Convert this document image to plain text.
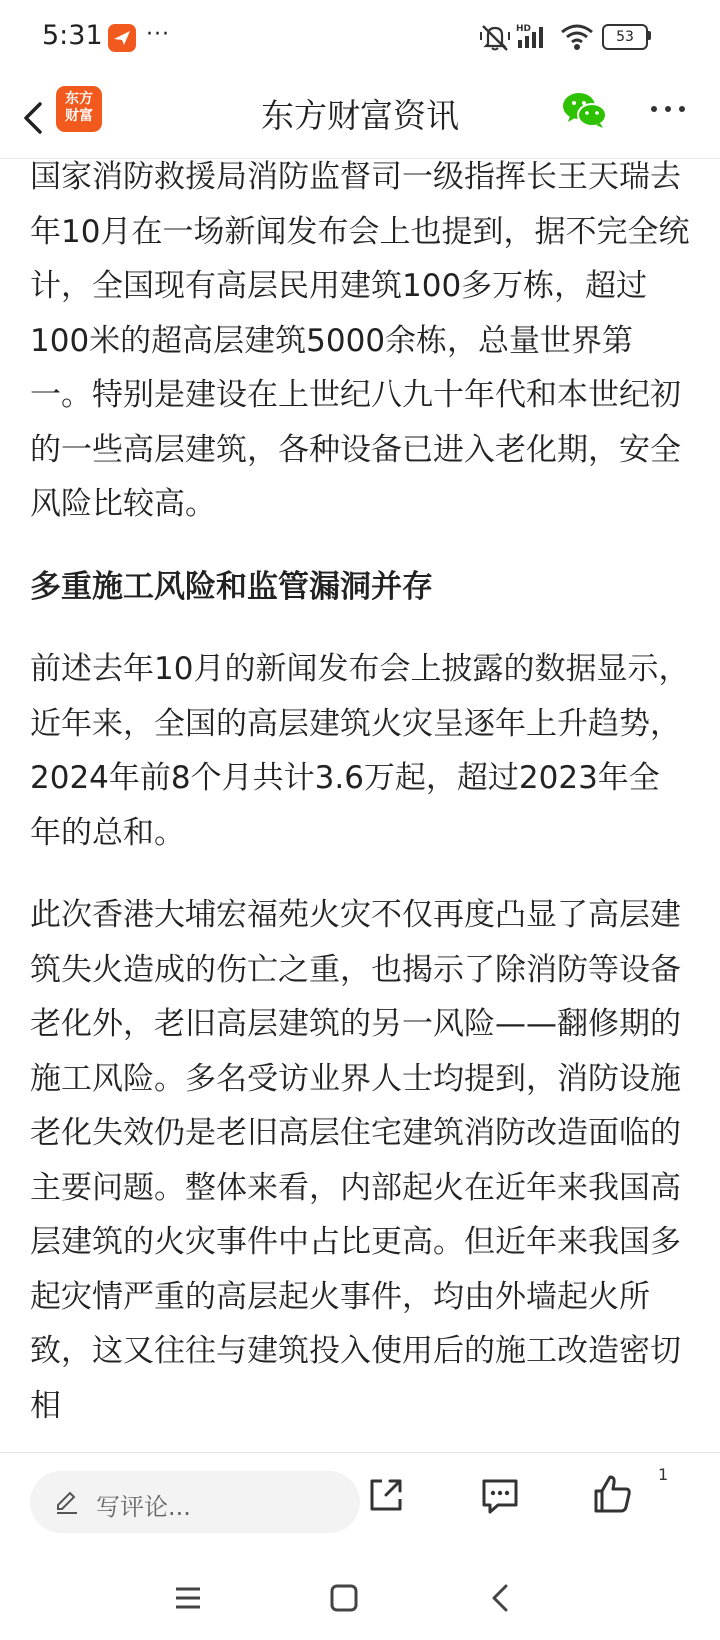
5:31 ···	HD	53
东方
财富	东方财富资讯

国家消防救援局消防监督司一级指挥长王天瑞去年10月在一场新闻发布会上也提到，据不完全统计，全国现有高层民用建筑100多万栋，超过100米的超高层建筑5000余栋，总量世界第一。特别是建设在上世纪八九十年代和本世纪初的一些高层建筑，各种设备已进入老化期，安全风险比较高。

多重施工风险和监管漏洞并存

前述去年10月的新闻发布会上披露的数据显示，近年来，全国的高层建筑火灾呈逐年上升趋势，2024年前8个月共计3.6万起，超过2023年全年的总和。

此次香港大埔宏福苑火灾不仅再度凸显了高层建筑失火造成的伤亡之重，也揭示了除消防等设备老化外，老旧高层建筑的另一风险——翻修期的施工风险。多名受访业界人士均提到，消防设施老化失效仍是老旧高层住宅建筑消防改造面临的主要问题。整体来看，内部起火在近年来我国高层建筑的火灾事件中占比更高。但近年来我国多起灾情严重的高层起火事件，均由外墙起火所致，这又往往与建筑投入使用后的施工改造密切相

写评论...
1
